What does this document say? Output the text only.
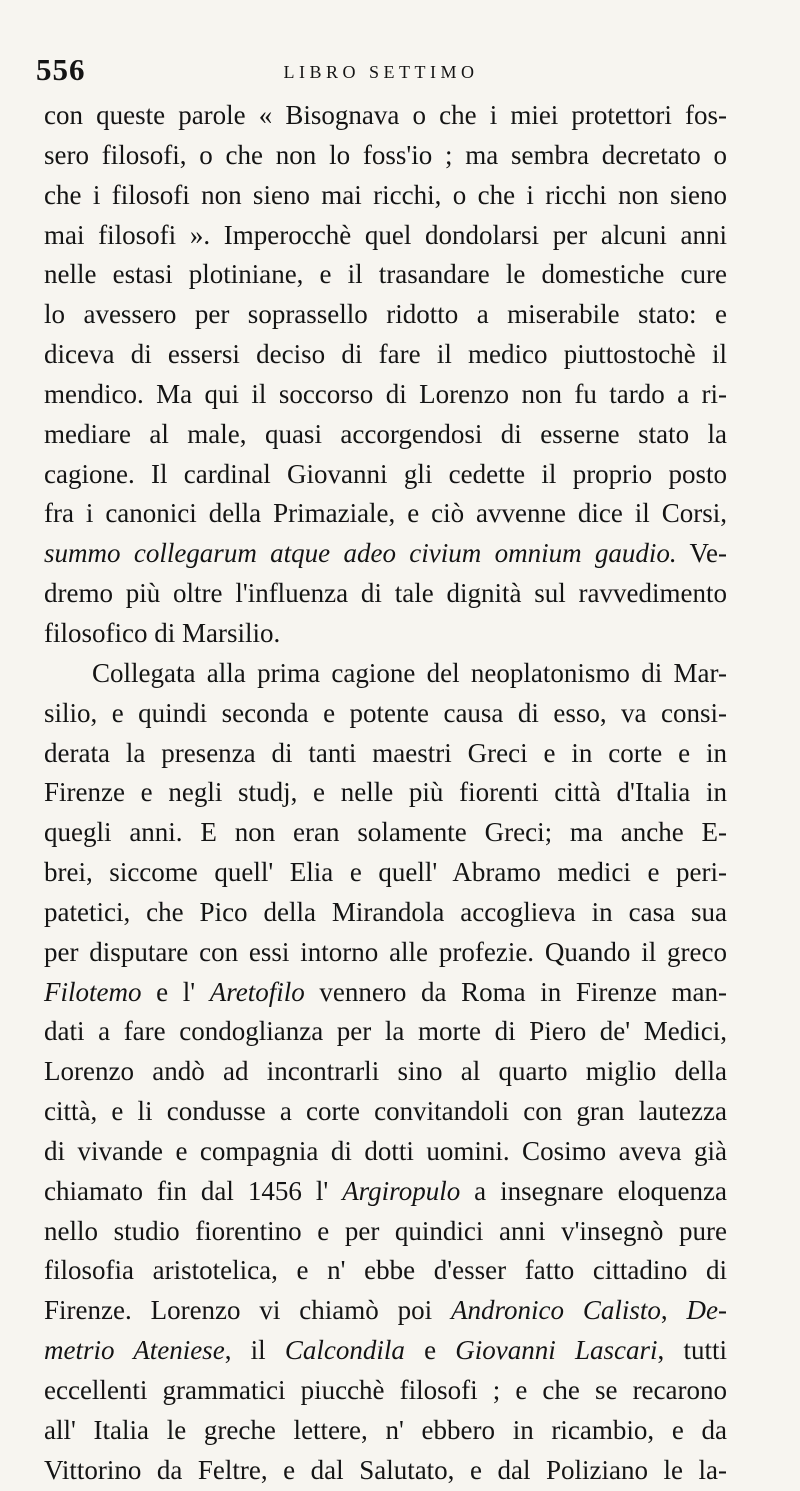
556	LIBRO SETTIMO
con queste parole « Bisognava o che i miei protettori fos-
sero filosofi, o che non lo foss'io ; ma sembra decretato o
che i filosofi non sieno mai ricchi, o che i ricchi non sieno
mai filosofi ». Imperocchè quel dondolarsi per alcuni anni
nelle estasi plotiniane, e il trasandare le domestiche cure
lo avessero per soprassello ridotto a miserabile stato: e
diceva di essersi deciso di fare il medico piuttostochè il
mendico. Ma qui il soccorso di Lorenzo non fu tardo a ri-
mediare al male, quasi accorgendosi di esserne stato la
cagione. Il cardinal Giovanni gli cedette il proprio posto
fra i canonici della Primaziale, e ciò avvenne dice il Corsi,
summo collegarum atque adeo civium omnium gaudio. Ve-
dremo più oltre l'influenza di tale dignità sul ravvedimento
filosofico di Marsilio.
Collegata alla prima cagione del neoplatonismo di Mar-
silio, e quindi seconda e potente causa di esso, va consi-
derata la presenza di tanti maestri Greci e in corte e in
Firenze e negli studj, e nelle più fiorenti città d'Italia in
quegli anni. E non eran solamente Greci; ma anche E-
brei, siccome quell' Elia e quell' Abramo medici e peri-
patetici, che Pico della Mirandola accoglieva in casa sua
per disputare con essi intorno alle profezie. Quando il greco
Filotemo e l' Aretofilo vennero da Roma in Firenze man-
dati a fare condoglianza per la morte di Piero de' Medici,
Lorenzo andò ad incontrarli sino al quarto miglio della
città, e li condusse a corte convitandoli con gran lautezza
di vivande e compagnia di dotti uomini. Cosimo aveva già
chiamato fin dal 1456 l' Argiropulo a insegnare eloquenza
nello studio fiorentino e per quindici anni v'insegnò pure
filosofia aristotelica, e n' ebbe d'esser fatto cittadino di
Firenze. Lorenzo vi chiamò poi Andronico Calisto, De-
metrio Ateniese, il Calcondila e Giovanni Lascari, tutti
eccellenti grammatici piucchè filosofi ; e che se recarono
all' Italia le greche lettere, n' ebbero in ricambio, e da
Vittorino da Feltre, e dal Salutato, e dal Poliziano le la-
